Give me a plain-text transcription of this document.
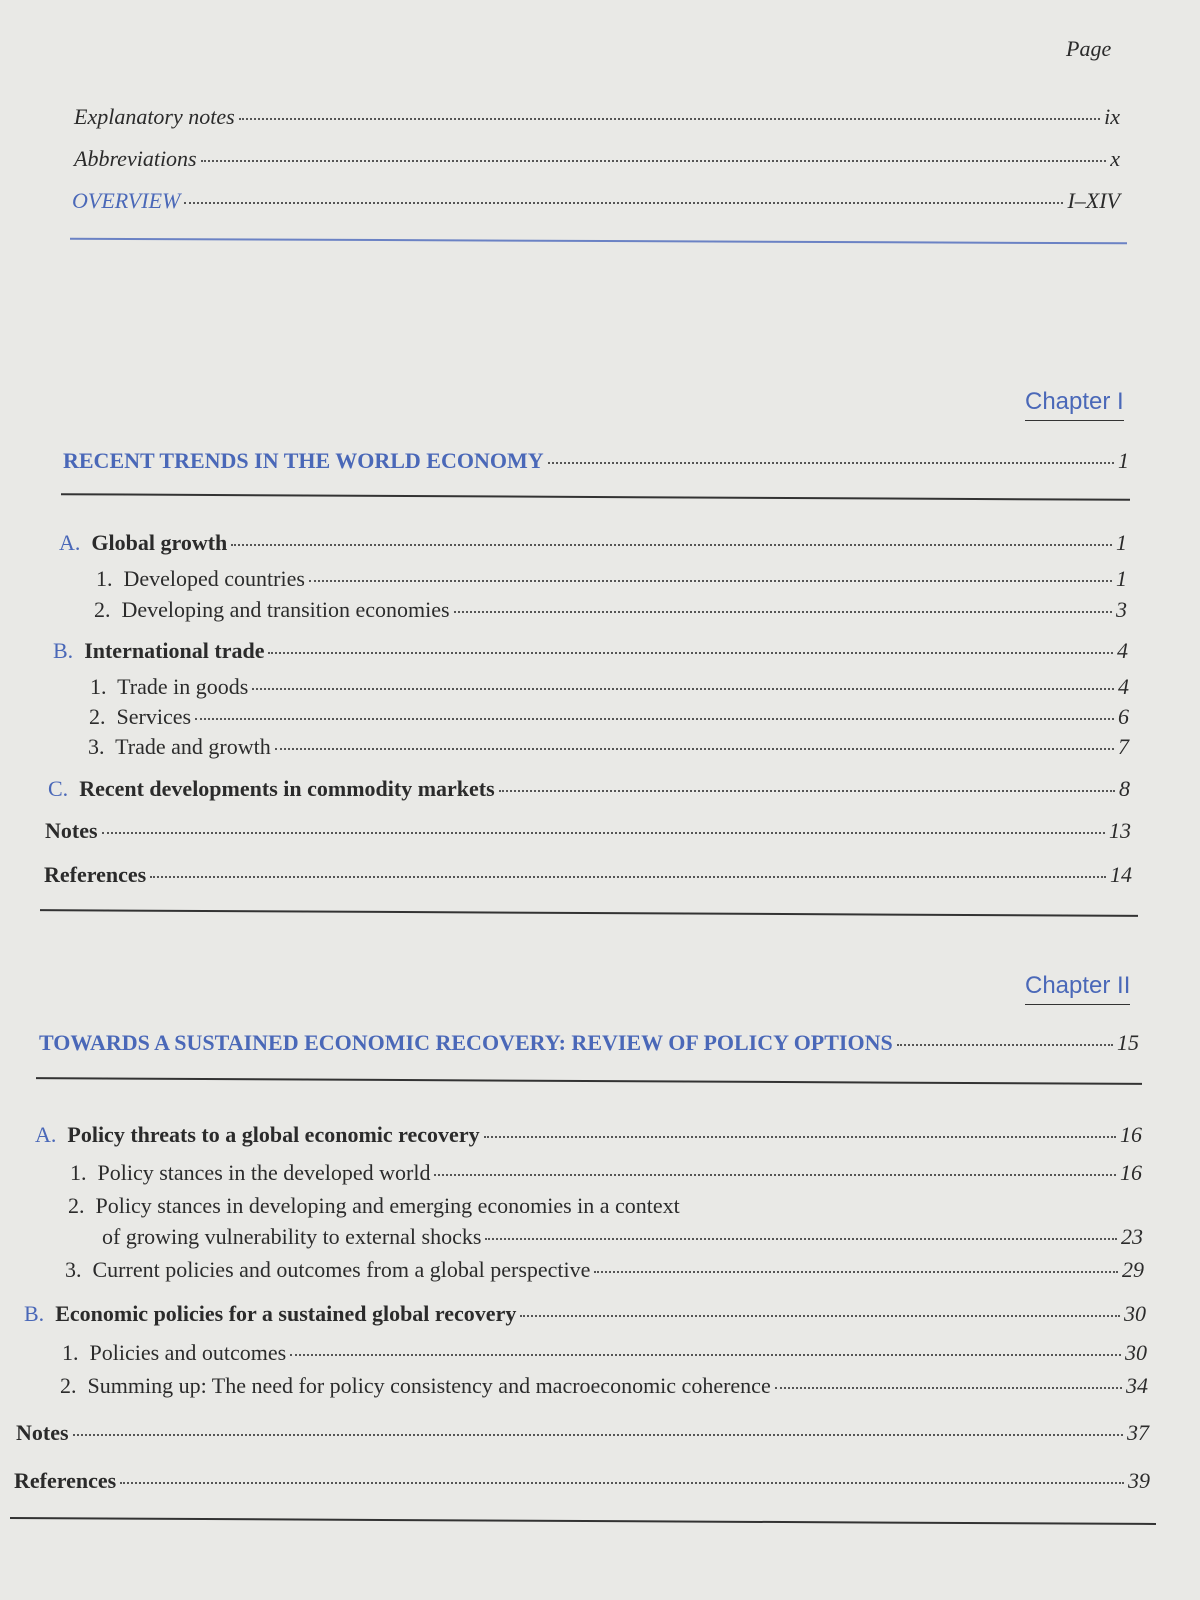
Page
Explanatory notes	ix
Abbreviations	x
OVERVIEW	I–XIV
Chapter I
RECENT TRENDS IN THE WORLD ECONOMY	1
A. Global growth	1
1. Developed countries	1
2. Developing and transition economies	3
B. International trade	4
1. Trade in goods	4
2. Services	6
3. Trade and growth	7
C. Recent developments in commodity markets	8
Notes	13
References	14
Chapter II
TOWARDS A SUSTAINED ECONOMIC RECOVERY: REVIEW OF POLICY OPTIONS	15
A. Policy threats to a global economic recovery	16
1. Policy stances in the developed world	16
2. Policy stances in developing and emerging economies in a context
of growing vulnerability to external shocks	23
3. Current policies and outcomes from a global perspective	29
B. Economic policies for a sustained global recovery	30
1. Policies and outcomes	30
2. Summing up: The need for policy consistency and macroeconomic coherence	34
Notes	37
References	39
